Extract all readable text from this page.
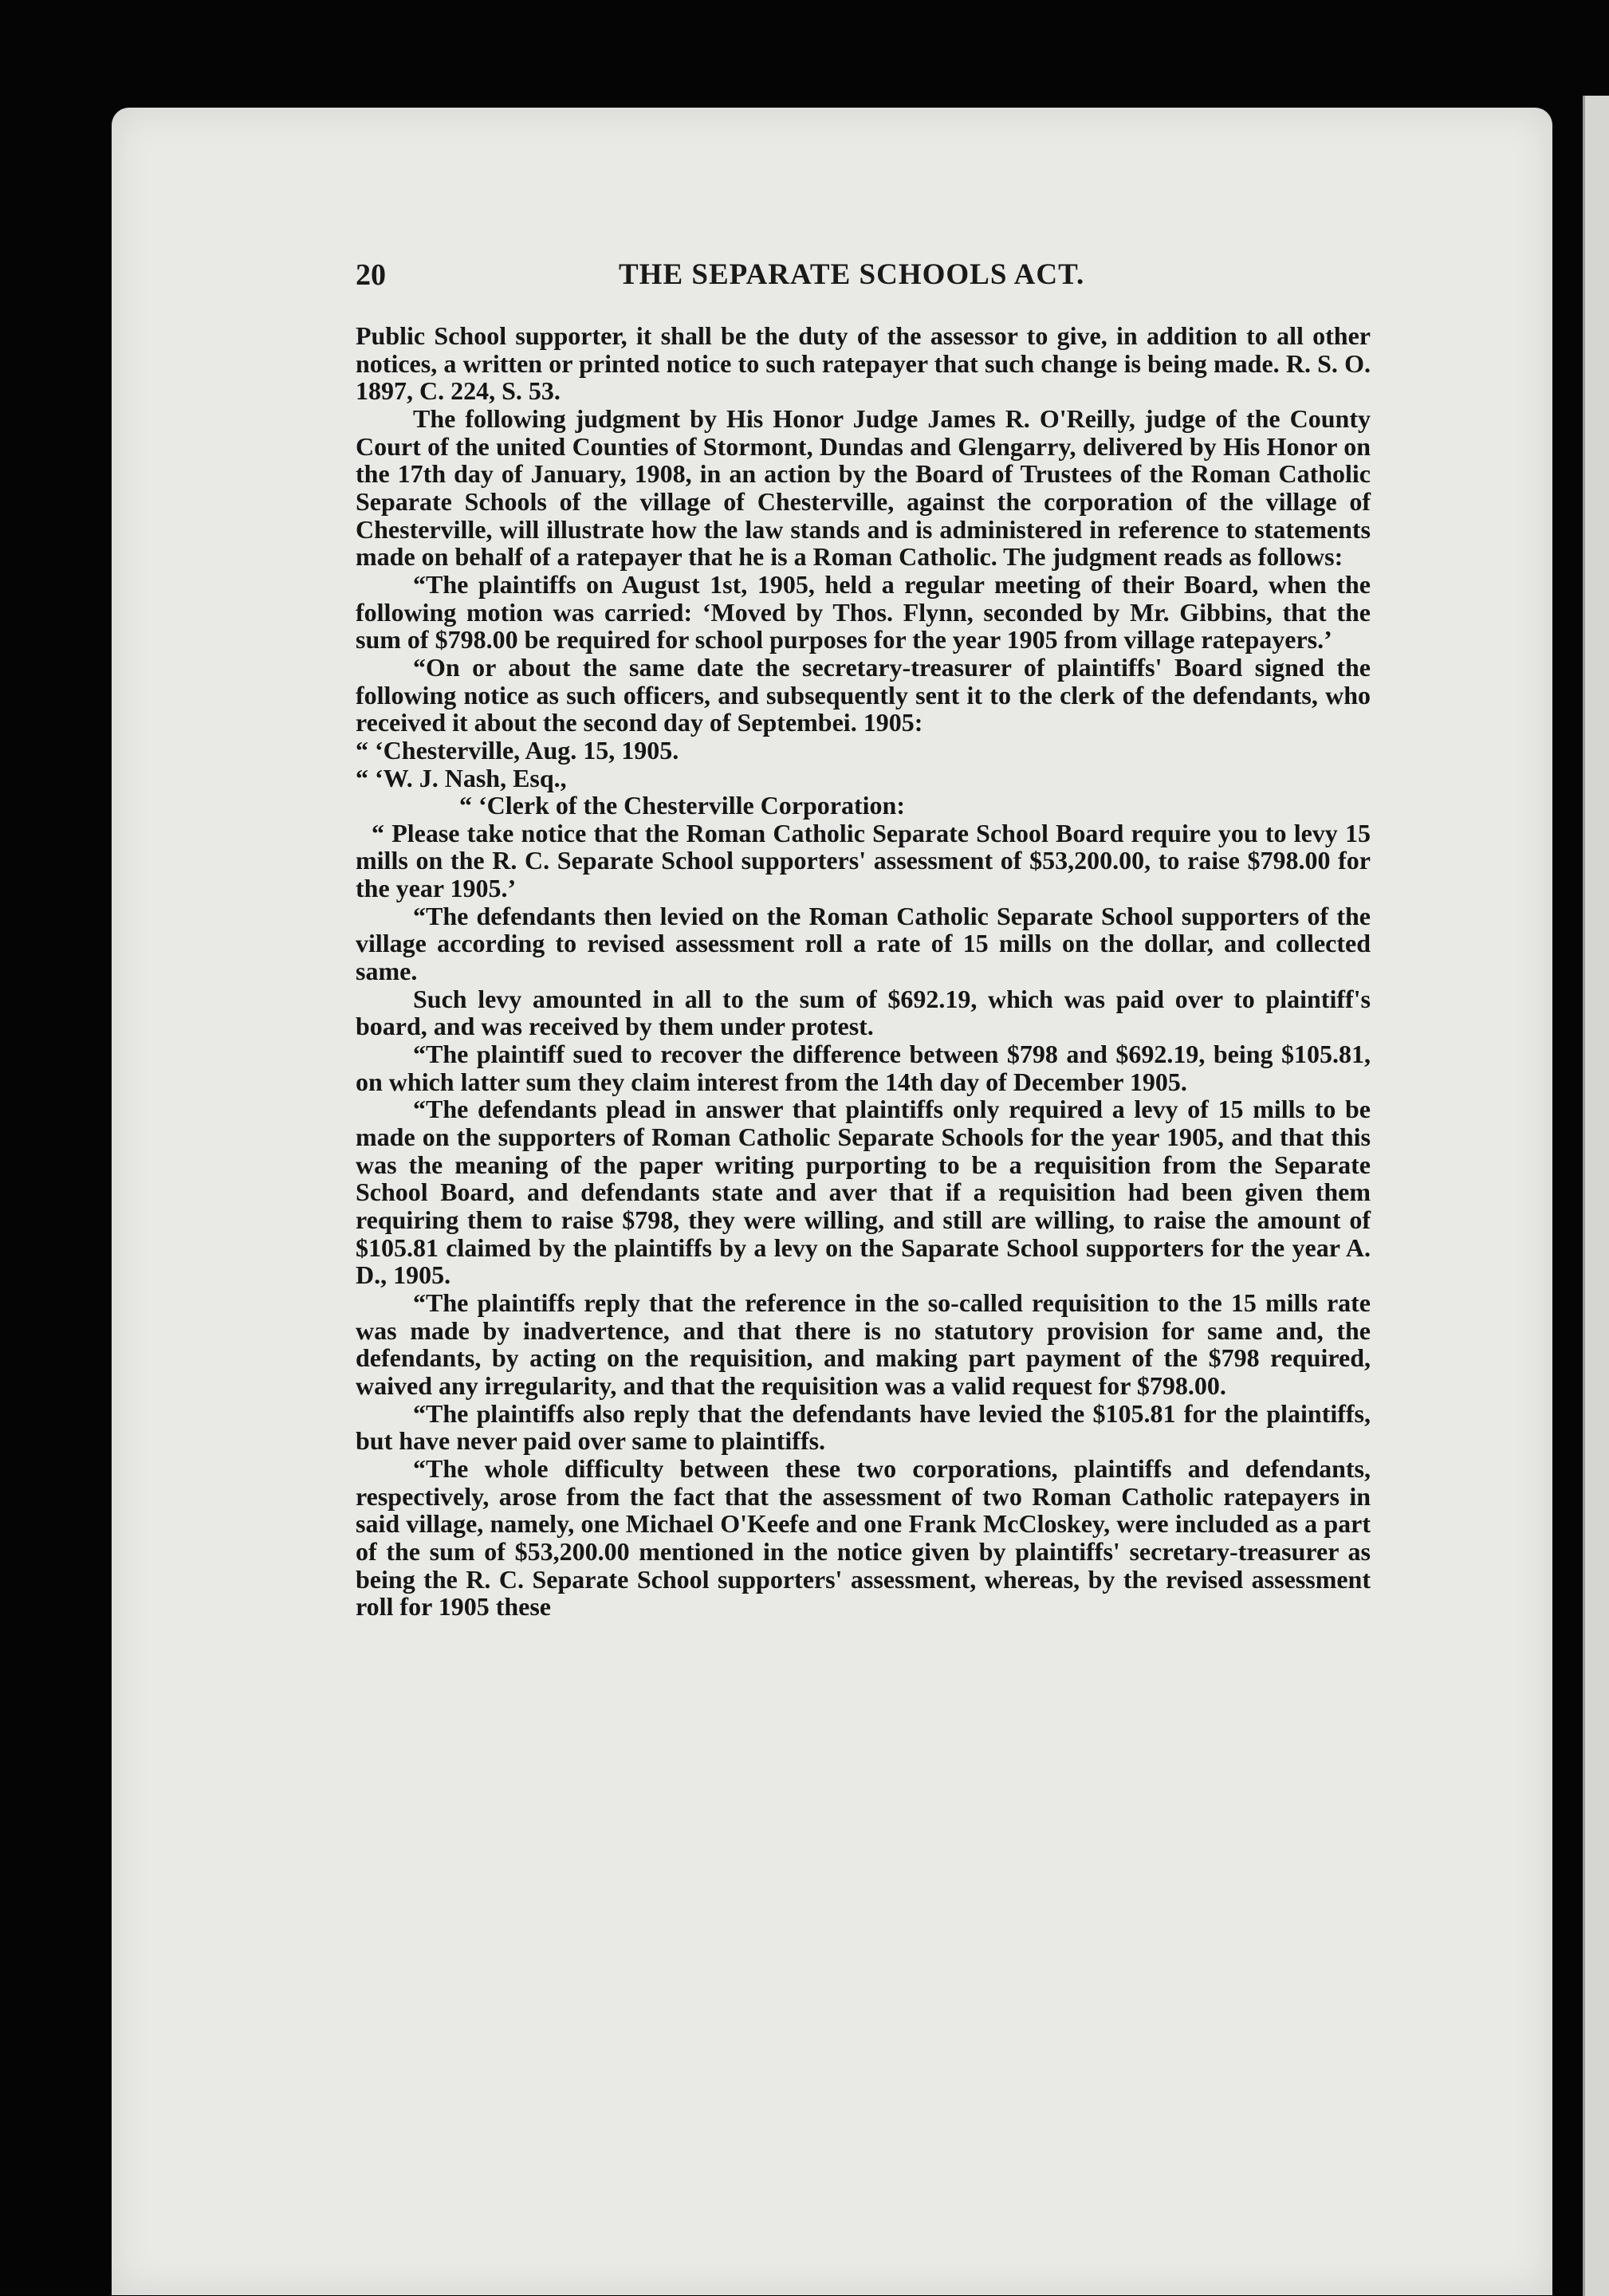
20	THE SEPARATE SCHOOLS ACT.

Public School supporter, it shall be the duty of the assessor to give, in addition to all other notices, a written or printed notice to such ratepayer that such change is being made. R. S. O. 1897, C. 224, S. 53.

The following judgment by His Honor Judge James R. O'Reilly, judge of the County Court of the united Counties of Stormont, Dundas and Glengarry, delivered by His Honor on the 17th day of January, 1908, in an action by the Board of Trustees of the Roman Catholic Separate Schools of the village of Chesterville, against the corporation of the village of Chesterville, will illustrate how the law stands and is administered in reference to statements made on behalf of a ratepayer that he is a Roman Catholic. The judgment reads as follows:

“The plaintiffs on August 1st, 1905, held a regular meeting of their Board, when the following motion was carried: ‘Moved by Thos. Flynn, seconded by Mr. Gibbins, that the sum of $798.00 be required for school purposes for the year 1905 from village ratepayers.’

“On or about the same date the secretary-treasurer of plaintiffs' Board signed the following notice as such officers, and subsequently sent it to the clerk of the defendants, who received it about the second day of Septembei. 1905:

“ ‘Chesterville, Aug. 15, 1905.

“ ‘W. J. Nash, Esq.,

“ ‘Clerk of the Chesterville Corporation:

“ Please take notice that the Roman Catholic Separate School Board require you to levy 15 mills on the R. C. Separate School supporters' assessment of $53,200.00, to raise $798.00 for the year 1905.’

“The defendants then levied on the Roman Catholic Separate School supporters of the village according to revised assessment roll a rate of 15 mills on the dollar, and collected same.

Such levy amounted in all to the sum of $692.19, which was paid over to plaintiff's board, and was received by them under protest.

“The plaintiff sued to recover the difference between $798 and $692.19, being $105.81, on which latter sum they claim interest from the 14th day of December 1905.

“The defendants plead in answer that plaintiffs only required a levy of 15 mills to be made on the supporters of Roman Catholic Separate Schools for the year 1905, and that this was the meaning of the paper writing purporting to be a requisition from the Separate School Board, and defendants state and aver that if a requisition had been given them requiring them to raise $798, they were willing, and still are willing, to raise the amount of $105.81 claimed by the plaintiffs by a levy on the Saparate School supporters for the year A. D., 1905.

“The plaintiffs reply that the reference in the so-called requisition to the 15 mills rate was made by inadvertence, and that there is no statutory provision for same and, the defendants, by acting on the requisition, and making part payment of the $798 required, waived any irregularity, and that the requisition was a valid request for $798.00.

“The plaintiffs also reply that the defendants have levied the $105.81 for the plaintiffs, but have never paid over same to plaintiffs.

“The whole difficulty between these two corporations, plaintiffs and defendants, respectively, arose from the fact that the assessment of two Roman Catholic ratepayers in said village, namely, one Michael O'Keefe and one Frank McCloskey, were included as a part of the sum of $53,200.00 mentioned in the notice given by plaintiffs' secretary-treasurer as being the R. C. Separate School supporters' assessment, whereas, by the revised assessment roll for 1905 these
